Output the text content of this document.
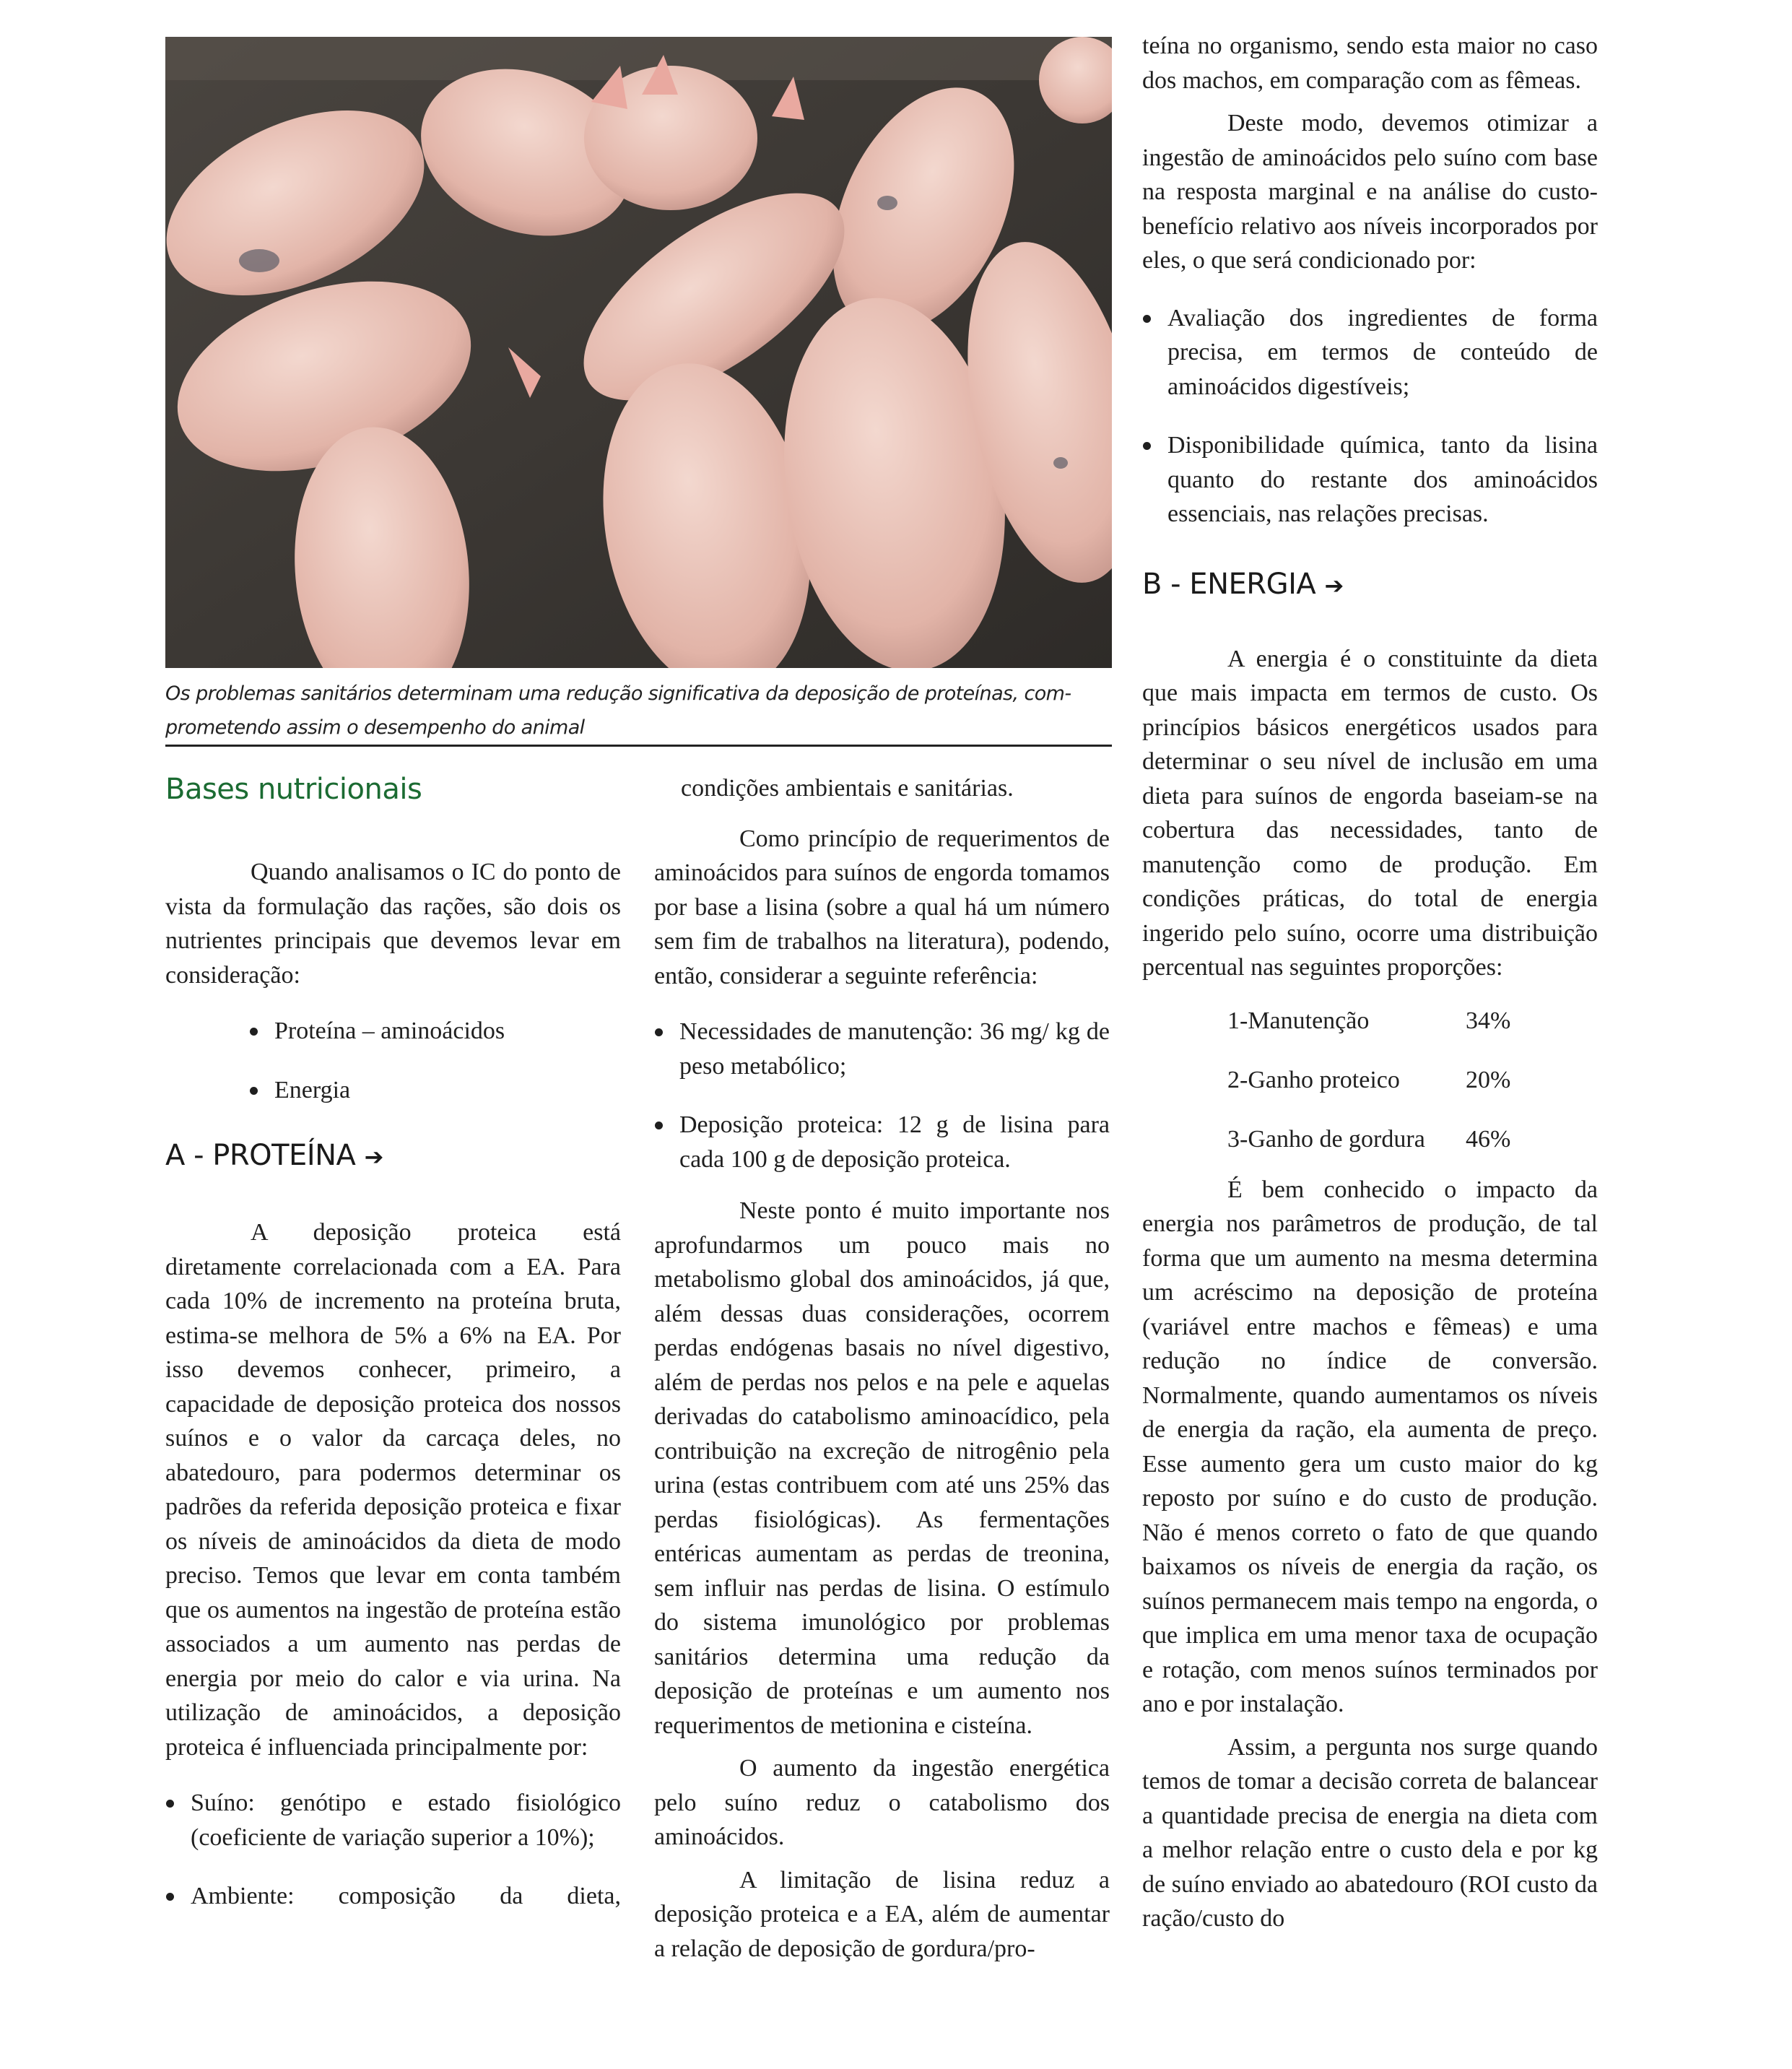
Os problemas sanitários determinam uma redução significativa da deposição de proteínas, com-
prometendo assim o desempenho do animal
Bases nutricionais

Quando analisamos o IC do ponto de vista da formulação das rações, são dois os nutrientes principais que devemos levar em consideração:

Proteína – aminoácidos
Energia
A - PROTEÍNA ➔

A deposição proteica está diretamente correlacionada com a EA. Para cada 10% de incremento na proteína bruta, estima-se melhora de 5% a 6% na EA. Por isso devemos conhecer, primeiro, a capacidade de deposição proteica dos nossos suínos e o valor da carcaça deles, no abatedouro, para podermos determinar os padrões da referida deposição proteica e fixar os níveis de aminoácidos da dieta de modo preciso. Temos que levar em conta também que os aumentos na ingestão de proteína estão associados a um aumento nas perdas de energia por meio do calor e via urina. Na utilização de aminoácidos, a deposição proteica é influenciada principalmente por:

Suíno: genótipo e estado fisiológico (coeficiente de variação superior a 10%);
Ambiente: composição da dieta,

condições ambientais e sanitárias.

Como princípio de requerimentos de aminoácidos para suínos de engorda tomamos por base a lisina (sobre a qual há um número sem fim de trabalhos na literatura), podendo, então, considerar a seguinte referência:

Necessidades de manutenção: 36 mg/ kg de peso metabólico;
Deposição proteica: 12 g de lisina para cada 100 g de deposição proteica.

Neste ponto é muito importante nos aprofundarmos um pouco mais no metabolismo global dos aminoácidos, já que, além dessas duas considerações, ocorrem perdas endógenas basais no nível digestivo, além de perdas nos pelos e na pele e aquelas derivadas do catabolismo aminoacídico, pela contribuição na excreção de nitrogênio pela urina (estas contribuem com até uns 25% das perdas fisiológicas). As fermentações entéricas aumentam as perdas de treonina, sem influir nas perdas de lisina. O estímulo do sistema imunológico por problemas sanitários determina uma redução da deposição de proteínas e um aumento nos requerimentos de metionina e cisteína.

O aumento da ingestão energética pelo suíno reduz o catabolismo dos aminoácidos.

A limitação de lisina reduz a deposição proteica e a EA, além de aumentar a relação de deposição de gordura/pro-

teína no organismo, sendo esta maior no caso dos machos, em comparação com as fêmeas.

Deste modo, devemos otimizar a ingestão de aminoácidos pelo suíno com base na resposta marginal e na análise do custo-benefício relativo aos níveis incorporados por eles, o que será condicionado por:

Avaliação dos ingredientes de forma precisa, em termos de conteúdo de aminoácidos digestíveis;
Disponibilidade química, tanto da lisina quanto do restante dos aminoácidos essenciais, nas relações precisas.
B - ENERGIA ➔

A energia é o constituinte da dieta que mais impacta em termos de custo. Os princípios básicos energéticos usados para determinar o seu nível de inclusão em uma dieta para suínos de engorda baseiam-se na cobertura das necessidades, tanto de manutenção como de produção. Em condições práticas, do total de energia ingerido pelo suíno, ocorre uma distribuição percentual nas seguintes proporções:

1-Manutenção	34%
2-Ganho proteico	20%
3-Ganho de gordura 46%

É bem conhecido o impacto da energia nos parâmetros de produção, de tal forma que um aumento na mesma determina um acréscimo na deposição de proteína (variável entre machos e fêmeas) e uma redução no índice de conversão. Normalmente, quando aumentamos os níveis de energia da ração, ela aumenta de preço. Esse aumento gera um custo maior do kg reposto por suíno e do custo de produção. Não é menos correto o fato de que quando baixamos os níveis de energia da ração, os suínos permanecem mais tempo na engorda, o que implica em uma menor taxa de ocupação e rotação, com menos suínos terminados por ano e por instalação.

Assim, a pergunta nos surge quando temos de tomar a decisão correta de balancear a quantidade precisa de energia na dieta com a melhor relação entre o custo dela e por kg de suíno enviado ao abatedouro (ROI custo da ração/custo do
